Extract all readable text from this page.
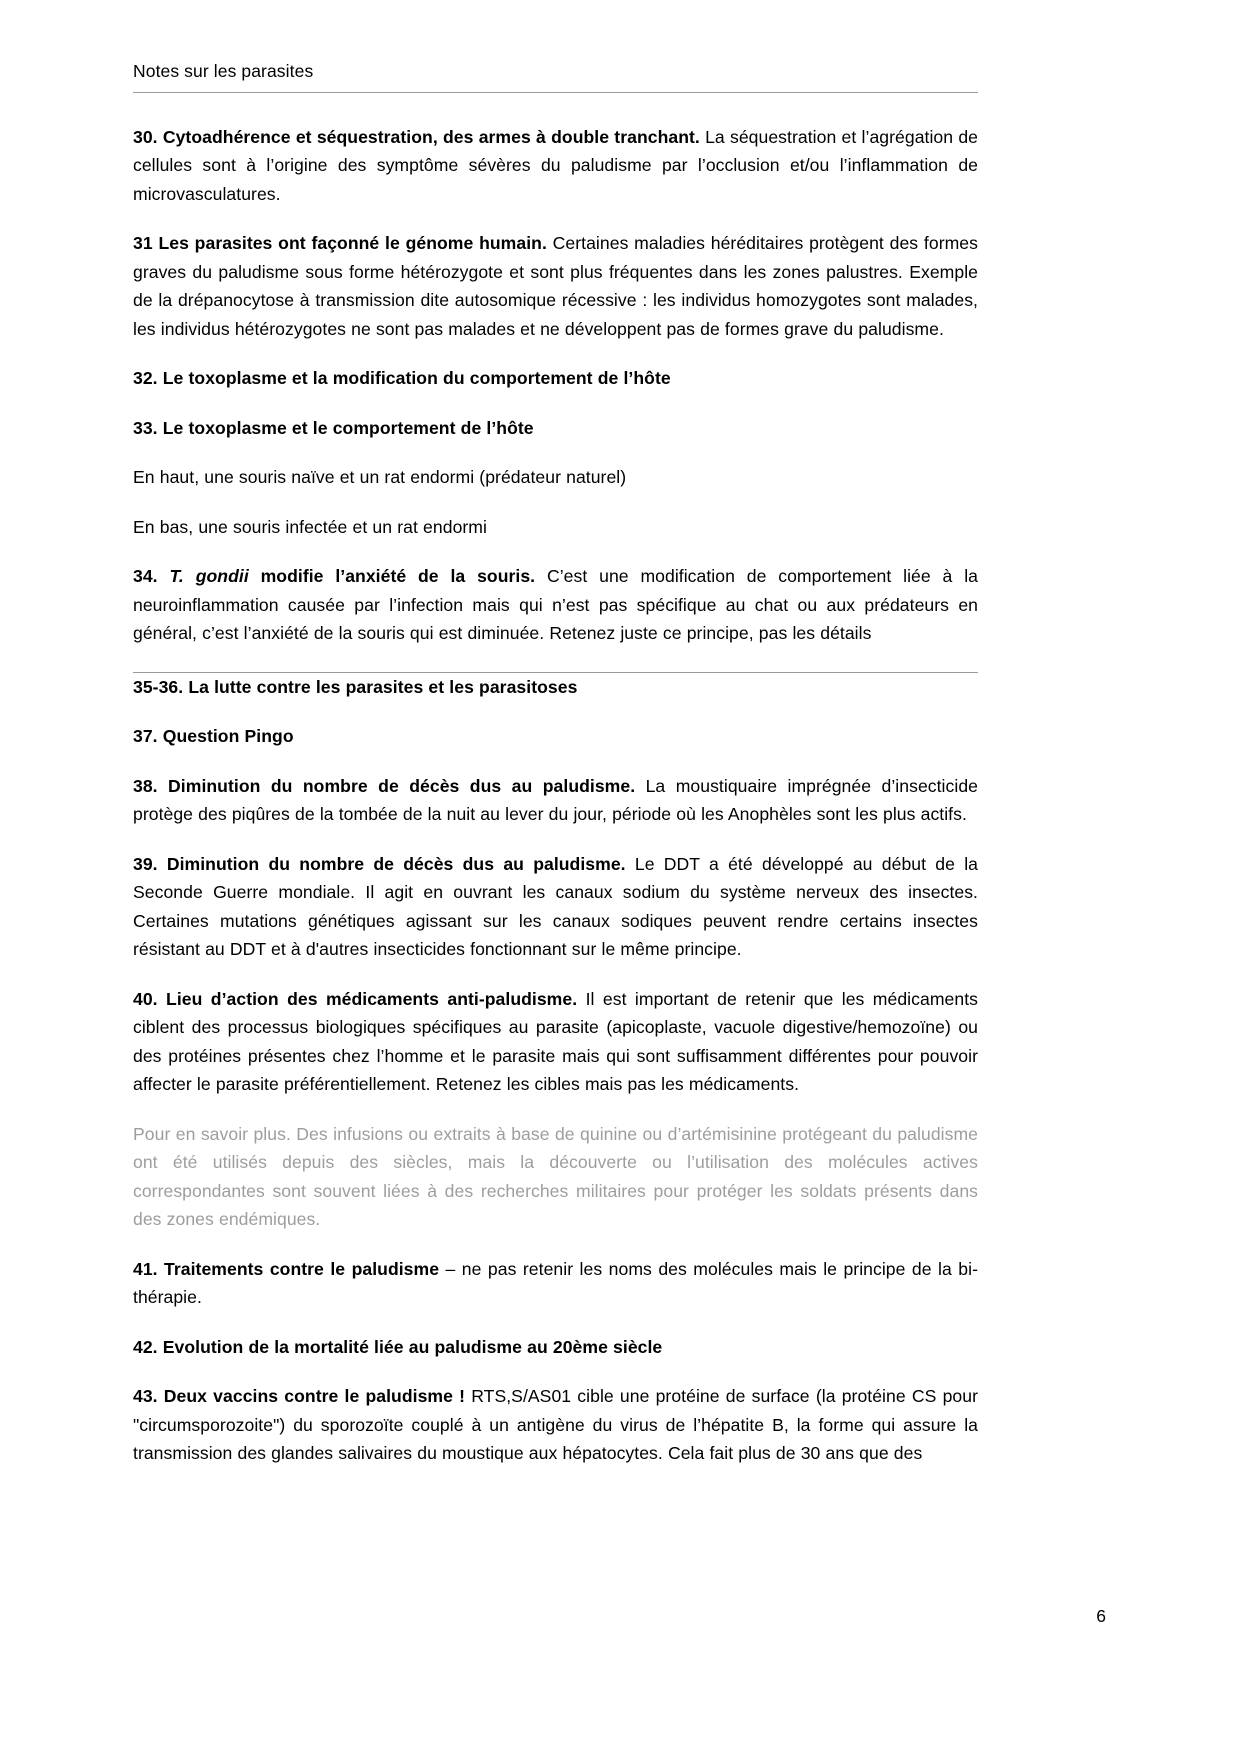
Notes sur les parasites

30. Cytoadhérence et séquestration, des armes à double tranchant. La séquestration et l’agrégation de cellules sont à l’origine des symptôme sévères du paludisme par l’occlusion et/ou l’inflammation de microvasculatures.

31 Les parasites ont façonné le génome humain. Certaines maladies héréditaires protègent des formes graves du paludisme sous forme hétérozygote et sont plus fréquentes dans les zones palustres. Exemple de la drépanocytose à transmission dite autosomique récessive : les individus homozygotes sont malades, les individus hétérozygotes ne sont pas malades et ne développent pas de formes grave du paludisme.

32. Le toxoplasme et la modification du comportement de l’hôte

33. Le toxoplasme et le comportement de l’hôte

En haut, une souris naïve et un rat endormi (prédateur naturel)

En bas, une souris infectée et un rat endormi

34. T. gondii modifie l’anxiété de la souris. C’est une modification de comportement liée à la neuroinflammation causée par l’infection mais qui n’est pas spécifique au chat ou aux prédateurs en général, c’est l’anxiété de la souris qui est diminuée. Retenez juste ce principe, pas les détails

35-36. La lutte contre les parasites et les parasitoses

37. Question Pingo

38. Diminution du nombre de décès dus au paludisme. La moustiquaire imprégnée d’insecticide protège des piqûres de la tombée de la nuit au lever du jour, période où les Anophèles sont les plus actifs.

39. Diminution du nombre de décès dus au paludisme. Le DDT a été développé au début de la Seconde Guerre mondiale. Il agit en ouvrant les canaux sodium du système nerveux des insectes. Certaines mutations génétiques agissant sur les canaux sodiques peuvent rendre certains insectes résistant au DDT et à d'autres insecticides fonctionnant sur le même principe.

40. Lieu d’action des médicaments anti-paludisme. Il est important de retenir que les médicaments ciblent des processus biologiques spécifiques au parasite (apicoplaste, vacuole digestive/hemozoïne) ou des protéines présentes chez l’homme et le parasite mais qui sont suffisamment différentes pour pouvoir affecter le parasite préférentiellement. Retenez les cibles mais pas les médicaments.

Pour en savoir plus. Des infusions ou extraits à base de quinine ou d’artémisinine protégeant du paludisme ont été utilisés depuis des siècles, mais la découverte ou l’utilisation des molécules actives correspondantes sont souvent liées à des recherches militaires pour protéger les soldats présents dans des zones endémiques.

41. Traitements contre le paludisme – ne pas retenir les noms des molécules mais le principe de la bi-thérapie.

42. Evolution de la mortalité liée au paludisme au 20ème siècle

43. Deux vaccins contre le paludisme ! RTS,S/AS01 cible une protéine de surface (la protéine CS pour "circumsporozoite") du sporozoïte couplé à un antigène du virus de l’hépatite B, la forme qui assure la transmission des glandes salivaires du moustique aux hépatocytes. Cela fait plus de 30 ans que des

6
